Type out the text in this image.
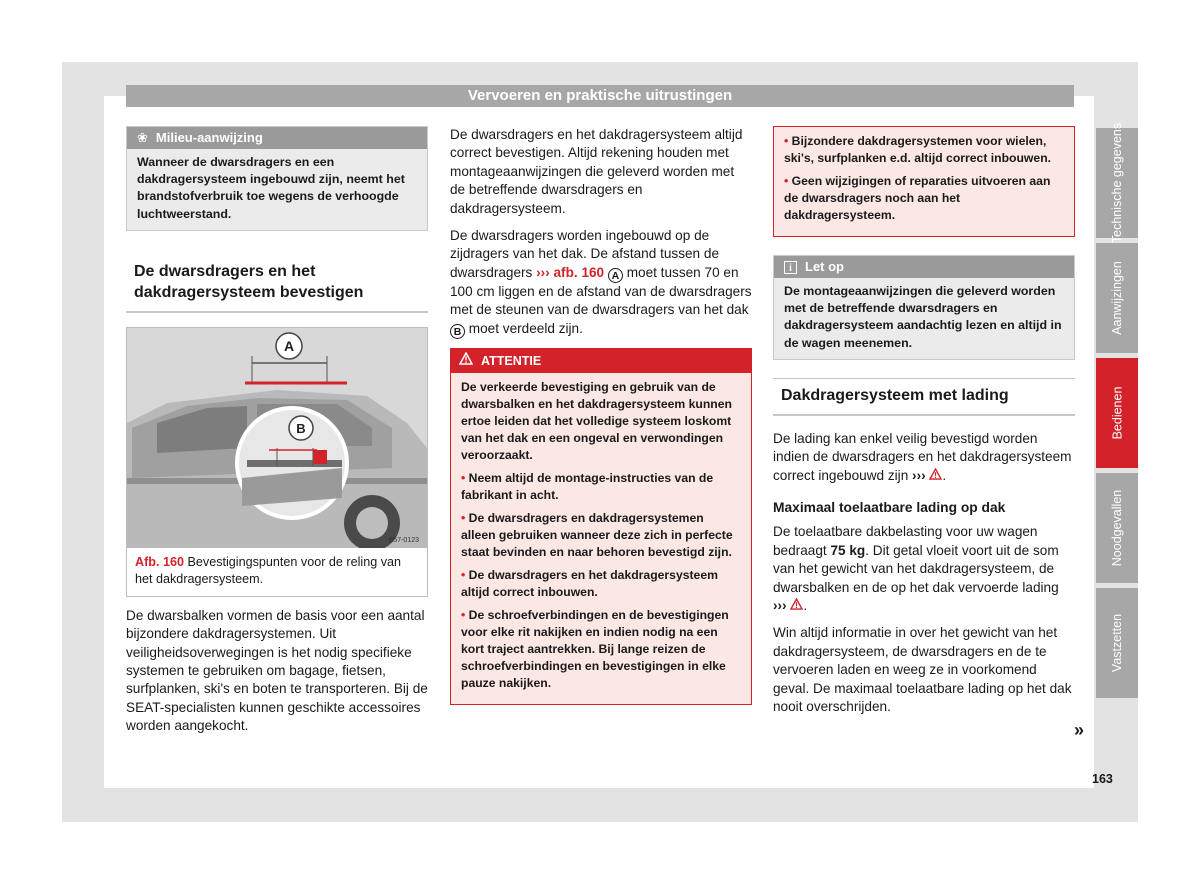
Vervoeren en praktische uitrustingen
❀ Milieu-aanwijzing
Wanneer de dwarsdragers en een dakdragersysteem ingebouwd zijn, neemt het brandstofverbruik toe wegens de verhoogde luchtweerstand.
De dwarsdragers en het dakdragersysteem bevestigen
A
B
B57-0123
Afb. 160 Bevestigingspunten voor de reling van het dakdragersysteem.

De dwarsbalken vormen de basis voor een aantal bijzondere dakdragersystemen. Uit veiligheidsoverwegingen is het nodig specifieke systemen te gebruiken om bagage, fietsen, surfplanken, ski's en boten te transporteren. Bij de SEAT-specialisten kunnen geschikte accessoires worden aangekocht.

De dwarsdragers en het dakdragersysteem altijd correct bevestigen. Altijd rekening houden met montageaanwijzingen die geleverd worden met de betreffende dwarsdragers en dakdragersysteem.

De dwarsdragers worden ingebouwd op de zijdragers van het dak. De afstand tussen de dwarsdragers ››› afb. 160 A moet tussen 70 en 100 cm liggen en de afstand van de dwarsdragers met de steunen van de dwarsdragers van het dak B moet verdeeld zijn.

ATTENTIE

De verkeerde bevestiging en gebruik van de dwarsbalken en het dakdragersysteem kunnen ertoe leiden dat het volledige systeem loskomt van het dak en een ongeval en verwondingen veroorzaakt.

• Neem altijd de montage-instructies van de fabrikant in acht.

• De dwarsdragers en dakdragersystemen alleen gebruiken wanneer deze zich in perfecte staat bevinden en naar behoren bevestigd zijn.

• De dwarsdragers en het dakdragersysteem altijd correct inbouwen.

• De schroefverbindingen en de bevestigingen voor elke rit nakijken en indien nodig na een kort traject aantrekken. Bij lange reizen de schroefverbindingen en bevestigingen in elke pauze nakijken.

• Bijzondere dakdragersystemen voor wielen, ski's, surfplanken e.d. altijd correct inbouwen.

• Geen wijzigingen of reparaties uitvoeren aan de dwarsdragers noch aan het dakdragersysteem.

i	Let op
De montageaanwijzingen die geleverd worden met de betreffende dwarsdragers en dakdragersysteem aandachtig lezen en altijd in de wagen meenemen.
Dakdragersysteem met lading

De lading kan enkel veilig bevestigd worden indien de dwarsdragers en het dakdragersysteem correct ingebouwd zijn ››› .

Maximaal toelaatbare lading op dak

De toelaatbare dakbelasting voor uw wagen bedraagt 75 kg. Dit getal vloeit voort uit de som van het gewicht van het dakdragersysteem, de dwarsbalken en de op het dak vervoerde lading ››› .

Win altijd informatie in over het gewicht van het dakdragersysteem, de dwarsdragers en de te vervoeren laden en weeg ze in voorkomend geval. De maximaal toelaatbare lading op het dak nooit overschrijden.

»
Technische gegevens
Aanwijzingen
Bedienen
Noodgevallen
Vastzetten
163
